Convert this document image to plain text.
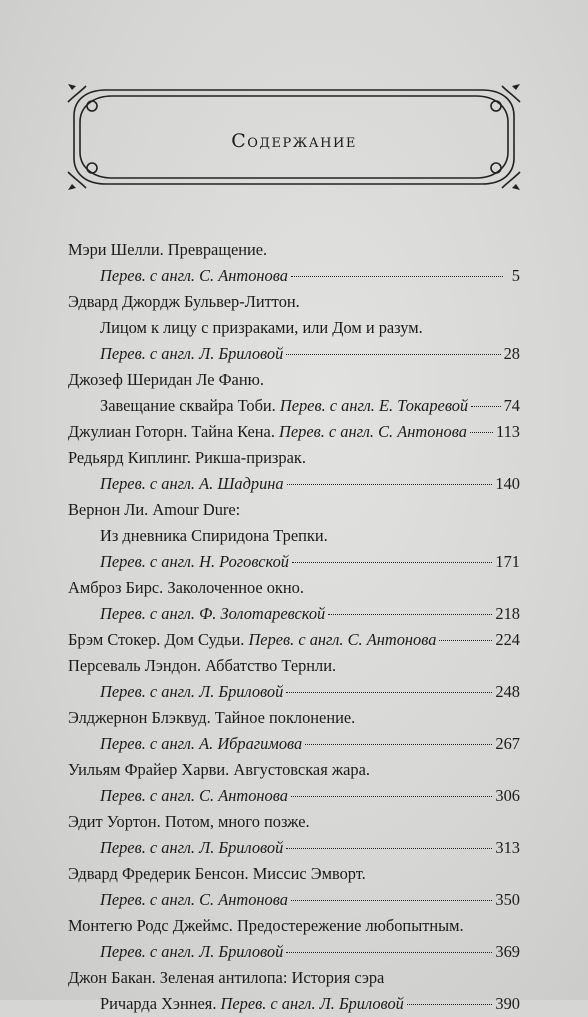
Содержание
Мэри Шелли. Превращение.
Перев. с англ. С. Антонова	5
Эдвард Джордж Бульвер-Литтон.
Лицом к лицу с призраками, или Дом и разум.
Перев. с англ. Л. Бриловой	28
Джозеф Шеридан Ле Фаню.
Завещание сквайра Тоби. Перев. с англ. Е. Токаревой 74
Джулиан Готорн. Тайна Кена. Перев. с англ. С. Антонова 113
Редьярд Киплинг. Рикша-призрак.
Перев. с англ. А. Шадрина	140
Вернон Ли. Amour Dure:
Из дневника Спиридона Трепки.
Перев. с англ. Н. Роговской	171
Амброз Бирс. Заколоченное окно.
Перев. с англ. Ф. Золотаревской	218
Брэм Стокер. Дом Судьи. Перев. с англ. С. Антонова	224
Персеваль Лэндон. Аббатство Тернли.
Перев. с англ. Л. Бриловой	248
Элджернон Блэквуд. Тайное поклонение.
Перев. с англ. А. Ибрагимова	267
Уильям Фрайер Харви. Августовская жара.
Перев. с англ. С. Антонова	306
Эдит Уортон. Потом, много позже.
Перев. с англ. Л. Бриловой	313
Эдвард Фредерик Бенсон. Миссис Эмворт.
Перев. с англ. С. Антонова	350
Монтегю Родс Джеймс. Предостережение любопытным.
Перев. с англ. Л. Бриловой	369
Джон Бакан. Зеленая антилопа: История сэра
Ричарда Хэннея. Перев. с англ. Л. Бриловой	390
